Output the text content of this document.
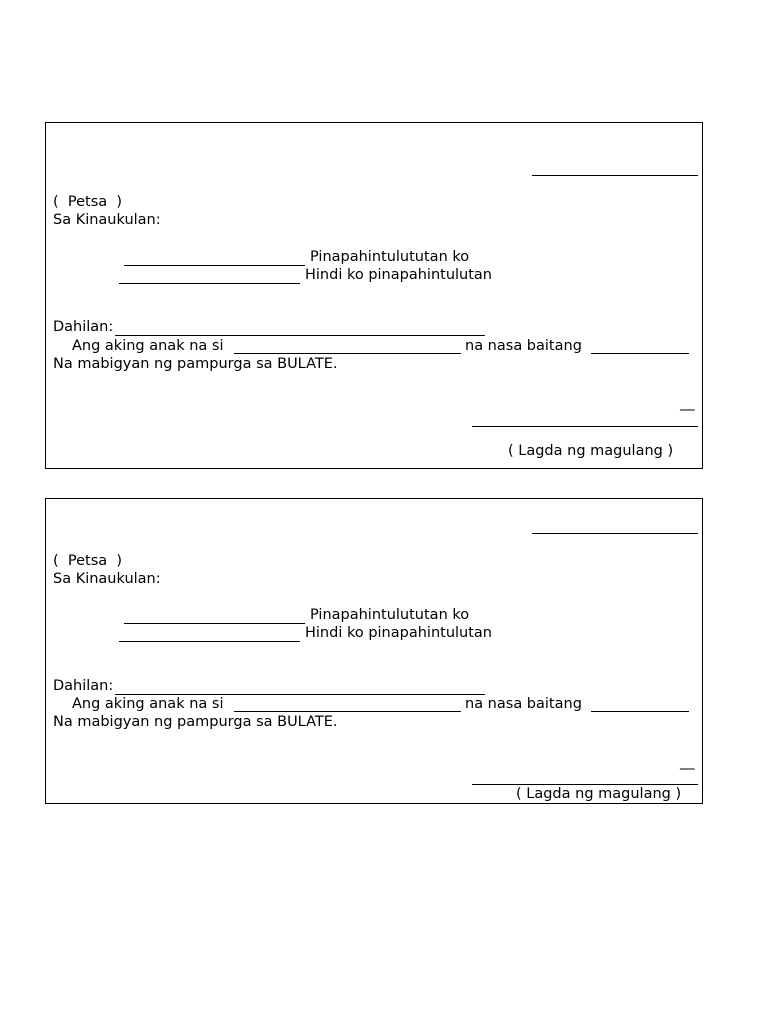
(  Petsa  )
Sa Kinaukulan:
Pinapahintulututan ko
Hindi ko pinapahintulutan
Dahilan:
Ang aking anak na si	na nasa baitang
Na mabigyan ng pampurga sa BULATE.
__
( Lagda ng magulang )
(  Petsa  )
Sa Kinaukulan:
Pinapahintulututan ko
Hindi ko pinapahintulutan
Dahilan:
Ang aking anak na si	na nasa baitang
Na mabigyan ng pampurga sa BULATE.
__
( Lagda ng magulang )
